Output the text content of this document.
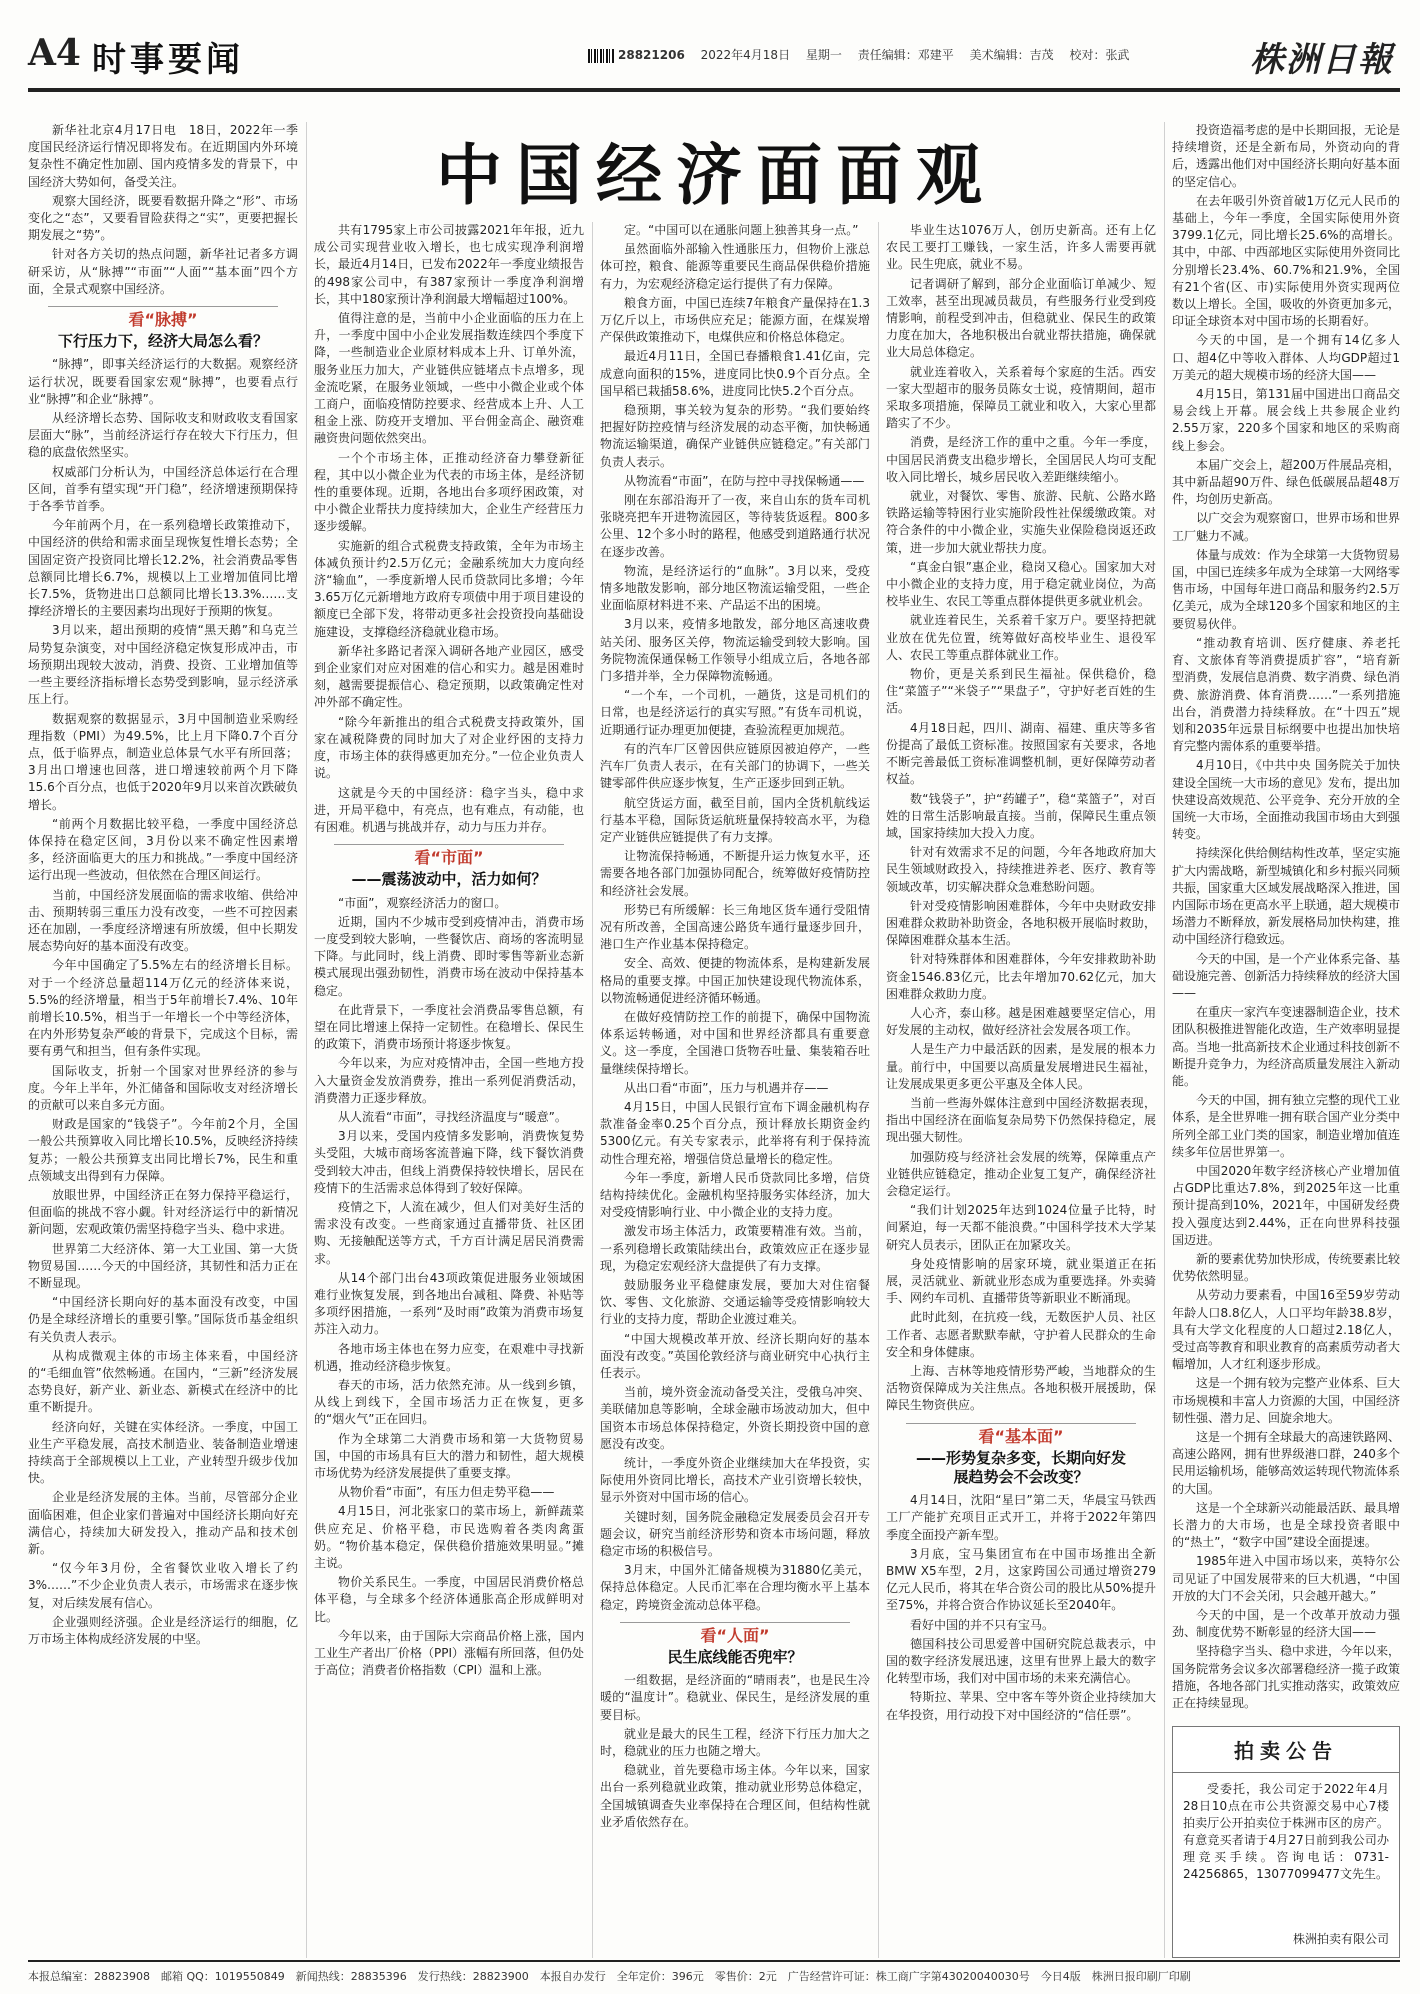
A4 时事要闻	28821206 2022年4月18日 星期一 责任编辑：邓建平 美术编辑：吉茂 校对：张武	株洲日報
中国经济面面观

新华社北京4月17日电　18日，2022年一季度国民经济运行情况即将发布。在近期国内外环境复杂性不确定性加剧、国内疫情多发的背景下，中国经济大势如何，备受关注。

观察大国经济，既要看数据升降之“形”、市场变化之“态”，又要看冒险获得之“实”，更要把握长期发展之“势”。

针对各方关切的热点问题，新华社记者多方调研采访，从“脉搏”“市面”“人面”“基本面”四个方面，全景式观察中国经济。

看“脉搏”
下行压力下，经济大局怎么看？

“脉搏”，即事关经济运行的大数据。观察经济运行状况，既要看国家宏观“脉搏”，也要看点行业“脉搏”和企业“脉搏”。

从经济增长态势、国际收支和财政收支看国家层面大“脉”，当前经济运行存在较大下行压力，但稳的底盘依然坚实。

权威部门分析认为，中国经济总体运行在合理区间，首季有望实现“开门稳”，经济增速预期保持于各季节首季。

今年前两个月，在一系列稳增长政策推动下，中国经济的供给和需求面呈现恢复性增长态势；全国固定资产投资同比增长12.2%，社会消费品零售总额同比增长6.7%，规模以上工业增加值同比增长7.5%，货物进出口总额同比增长13.3%……支撑经济增长的主要因素均出现好于预期的恢复。

3月以来，超出预期的疫情“黑天鹅”和乌克兰局势复杂演变，对中国经济稳定恢复形成冲击，市场预期出现较大波动，消费、投资、工业增加值等一些主要经济指标增长态势受到影响，显示经济承压上行。

数据观察的数据显示，3月中国制造业采购经理指数（PMI）为49.5%，比上月下降0.7个百分点，低于临界点，制造业总体景气水平有所回落；3月出口增速也回落，进口增速较前两个月下降15.6个百分点，也低于2020年9月以来首次跌破负增长。

“前两个月数据比较平稳，一季度中国经济总体保持在稳定区间，3月份以来不确定性因素增多，经济面临更大的压力和挑战。”一季度中国经济运行出现一些波动，但依然在合理区间运行。

当前，中国经济发展面临的需求收缩、供给冲击、预期转弱三重压力没有改变，一些不可控因素还在加剧，一季度经济增速有所放缓，但中长期发展态势向好的基本面没有改变。

今年中国确定了5.5%左右的经济增长目标。对于一个经济总量超114万亿元的经济体来说，5.5%的经济增量，相当于5年前增长7.4%、10年前增长10.5%，相当于一年增长一个中等经济体，在内外形势复杂严峻的背景下，完成这个目标，需要有勇气和担当，但有条件实现。

国际收支，折射一个国家对世界经济的参与度。今年上半年，外汇储备和国际收支对经济增长的贡献可以来自多元方面。

财政是国家的“钱袋子”。今年前2个月，全国一般公共预算收入同比增长10.5%，反映经济持续复苏；一般公共预算支出同比增长7%，民生和重点领域支出得到有力保障。

放眼世界，中国经济正在努力保持平稳运行，但面临的挑战不容小觑。针对经济运行中的新情况新问题，宏观政策仍需坚持稳字当头、稳中求进。

世界第二大经济体、第一大工业国、第一大货物贸易国……今天的中国经济，其韧性和活力正在不断显现。

“中国经济长期向好的基本面没有改变，中国仍是全球经济增长的重要引擎。”国际货币基金组织有关负责人表示。

从构成微观主体的市场主体来看，中国经济的“毛细血管”依然畅通。在国内，“三新”经济发展态势良好，新产业、新业态、新模式在经济中的比重不断提升。

经济向好，关键在实体经济。一季度，中国工业生产平稳发展，高技术制造业、装备制造业增速持续高于全部规模以上工业，产业转型升级步伐加快。

企业是经济发展的主体。当前，尽管部分企业面临困难，但企业家们普遍对中国经济长期向好充满信心，持续加大研发投入，推动产品和技术创新。

“仅今年3月份，全省餐饮业收入增长了约3%……”不少企业负责人表示，市场需求在逐步恢复，对后续发展有信心。

企业强则经济强。企业是经济运行的细胞，亿万市场主体构成经济发展的中坚。

共有1795家上市公司披露2021年年报，近九成公司实现营业收入增长，也七成实现净利润增长，最近4月14日，已发布2022年一季度业绩报告的498家公司中，有387家预计一季度净利润增长，其中180家预计净利润最大增幅超过100%。

值得注意的是，当前中小企业面临的压力在上升，一季度中国中小企业发展指数连续四个季度下降，一些制造业企业原材料成本上升、订单外流，服务业压力加大，产业链供应链堵点卡点增多，现金流吃紧，在服务业领域，一些中小微企业或个体工商户，面临疫情防控要求、经营成本上升、人工租金上涨、防疫开支增加、平台佣金高企、融资难融资贵问题依然突出。

一个个市场主体，正推动经济奋力攀登新征程，其中以小微企业为代表的市场主体，是经济韧性的重要体现。近期，各地出台多项纾困政策，对中小微企业帮扶力度持续加大，企业生产经营压力逐步缓解。

实施新的组合式税费支持政策，全年为市场主体减负预计约2.5万亿元；金融系统加大力度向经济“输血”，一季度新增人民币贷款同比多增；今年3.65万亿元新增地方政府专项债中用于项目建设的额度已全部下发，将带动更多社会投资投向基础设施建设，支撑稳经济稳就业稳市场。

新华社多路记者深入调研各地产业园区，感受到企业家们对应对困难的信心和实力。越是困难时刻，越需要提振信心、稳定预期，以政策确定性对冲外部不确定性。

“除今年新推出的组合式税费支持政策外，国家在减税降费的同时加大了对企业纾困的支持力度，市场主体的获得感更加充分。”一位企业负责人说。

这就是今天的中国经济：稳字当头，稳中求进，开局平稳中，有亮点，也有难点，有动能，也有困难。机遇与挑战并存，动力与压力并存。

看“市面”
——震荡波动中，活力如何？

“市面”，观察经济活力的窗口。

近期，国内不少城市受到疫情冲击，消费市场一度受到较大影响，一些餐饮店、商场的客流明显下降。与此同时，线上消费、即时零售等新业态新模式展现出强劲韧性，消费市场在波动中保持基本稳定。

在此背景下，一季度社会消费品零售总额，有望在同比增速上保持一定韧性。在稳增长、保民生的政策下，消费市场预计将逐步恢复。

今年以来，为应对疫情冲击，全国一些地方投入大量资金发放消费券，推出一系列促消费活动，消费潜力正逐步释放。

从人流看“市面”，寻找经济温度与“暖意”。

3月以来，受国内疫情多发影响，消费恢复势头受阻，大城市商场客流普遍下降，线下餐饮消费受到较大冲击，但线上消费保持较快增长，居民在疫情下的生活需求总体得到了较好保障。

疫情之下，人流在减少，但人们对美好生活的需求没有改变。一些商家通过直播带货、社区团购、无接触配送等方式，千方百计满足居民消费需求。

从14个部门出台43项政策促进服务业领域困难行业恢复发展，到各地出台减租、降费、补贴等多项纾困措施，一系列“及时雨”政策为消费市场复苏注入动力。

各地市场主体也在努力应变，在艰难中寻找新机遇，推动经济稳步恢复。

春天的市场，活力依然充沛。从一线到乡镇，从线上到线下，全国市场活力正在恢复，更多的“烟火气”正在回归。

作为全球第二大消费市场和第一大货物贸易国，中国的市场具有巨大的潜力和韧性，超大规模市场优势为经济发展提供了重要支撑。

从物价看“市面”，有压力但走势平稳——

4月15日，河北张家口的菜市场上，新鲜蔬菜供应充足、价格平稳，市民选购着各类肉禽蛋奶。“物价基本稳定，保供稳价措施效果明显。”摊主说。

物价关系民生。一季度，中国居民消费价格总体平稳，与全球多个经济体通胀高企形成鲜明对比。

今年以来，由于国际大宗商品价格上涨，国内工业生产者出厂价格（PPI）涨幅有所回落，但仍处于高位；消费者价格指数（CPI）温和上涨。

定。“中国可以在通胀问题上独善其身一点。”

虽然面临外部输入性通胀压力，但物价上涨总体可控，粮食、能源等重要民生商品保供稳价措施有力，为宏观经济稳定运行提供了有力保障。

粮食方面，中国已连续7年粮食产量保持在1.3万亿斤以上，市场供应充足；能源方面，在煤炭增产保供政策推动下，电煤供应和价格总体稳定。

最近4月11日，全国已春播粮食1.41亿亩，完成意向面积的15%，进度同比快0.9个百分点。全国早稻已栽插58.6%，进度同比快5.2个百分点。

稳预期，事关较为复杂的形势。“我们要始终把握好防控疫情与经济发展的动态平衡，加快畅通物流运输渠道，确保产业链供应链稳定。”有关部门负责人表示。

从物流看“市面”，在防与控中寻找保畅通——

刚在东部沿海开了一夜，来自山东的货车司机张晓亮把车开进物流园区，等待装货返程。800多公里、12个多小时的路程，他感受到道路通行状况在逐步改善。

物流，是经济运行的“血脉”。3月以来，受疫情多地散发影响，部分地区物流运输受阻，一些企业面临原材料进不来、产品运不出的困境。

3月以来，疫情多地散发，部分地区高速收费站关闭、服务区关停，物流运输受到较大影响。国务院物流保通保畅工作领导小组成立后，各地各部门多措并举，全力保障物流畅通。

“一个车，一个司机，一趟货，这是司机们的日常，也是经济运行的真实写照。”有货车司机说，近期通行证办理更加便捷，查验流程更加规范。

有的汽车厂区曾因供应链原因被迫停产，一些汽车厂负责人表示，在有关部门的协调下，一些关键零部件供应逐步恢复，生产正逐步回到正轨。

航空货运方面，截至目前，国内全货机航线运行基本平稳，国际货运航班量保持较高水平，为稳定产业链供应链提供了有力支撑。

让物流保持畅通，不断提升运力恢复水平，还需要各地各部门加强协同配合，统筹做好疫情防控和经济社会发展。

形势已有所缓解：长三角地区货车通行受阻情况有所改善，全国高速公路货车通行量逐步回升，港口生产作业基本保持稳定。

安全、高效、便捷的物流体系，是构建新发展格局的重要支撑。中国正加快建设现代物流体系，以物流畅通促进经济循环畅通。

在做好疫情防控工作的前提下，确保中国物流体系运转畅通，对中国和世界经济都具有重要意义。这一季度，全国港口货物吞吐量、集装箱吞吐量继续保持增长。

从出口看“市面”，压力与机遇并存——

4月15日，中国人民银行宣布下调金融机构存款准备金率0.25个百分点，预计释放长期资金约5300亿元。有关专家表示，此举将有利于保持流动性合理充裕，增强信贷总量增长的稳定性。

今年一季度，新增人民币贷款同比多增，信贷结构持续优化。金融机构坚持服务实体经济，加大对受疫情影响行业、中小微企业的支持力度。

激发市场主体活力，政策要精准有效。当前，一系列稳增长政策陆续出台，政策效应正在逐步显现，为稳定宏观经济大盘提供了有力支撑。

鼓励服务业平稳健康发展，要加大对住宿餐饮、零售、文化旅游、交通运输等受疫情影响较大行业的支持力度，帮助企业渡过难关。

“中国大规模改革开放、经济长期向好的基本面没有改变。”英国伦敦经济与商业研究中心执行主任表示。

当前，境外资金流动备受关注，受俄乌冲突、美联储加息等影响，全球金融市场波动加大，但中国资本市场总体保持稳定，外资长期投资中国的意愿没有改变。

统计，一季度外资企业继续加大在华投资，实际使用外资同比增长，高技术产业引资增长较快，显示外资对中国市场的信心。

关键时刻，国务院金融稳定发展委员会召开专题会议，研究当前经济形势和资本市场问题，释放稳定市场的积极信号。

3月末，中国外汇储备规模为31880亿美元，保持总体稳定。人民币汇率在合理均衡水平上基本稳定，跨境资金流动总体平稳。

看“人面”
民生底线能否兜牢？

一组数据，是经济面的“晴雨表”，也是民生冷暖的“温度计”。稳就业、保民生，是经济发展的重要目标。

就业是最大的民生工程，经济下行压力加大之时，稳就业的压力也随之增大。

稳就业，首先要稳市场主体。今年以来，国家出台一系列稳就业政策，推动就业形势总体稳定，全国城镇调查失业率保持在合理区间，但结构性就业矛盾依然存在。

毕业生达1076万人，创历史新高。还有上亿农民工要打工赚钱，一家生活，许多人需要再就业。民生兜底，就业不易。

记者调研了解到，部分企业面临订单减少、短工效率，甚至出现减员裁员，有些服务行业受到疫情影响，前程受到冲击，但稳就业、保民生的政策力度在加大，各地积极出台就业帮扶措施，确保就业大局总体稳定。

就业连着收入，关系着每个家庭的生活。西安一家大型超市的服务员陈女士说，疫情期间，超市采取多项措施，保障员工就业和收入，大家心里都踏实了不少。

消费，是经济工作的重中之重。今年一季度，中国居民消费支出稳步增长，全国居民人均可支配收入同比增长，城乡居民收入差距继续缩小。

就业，对餐饮、零售、旅游、民航、公路水路铁路运输等特困行业实施阶段性社保缓缴政策。对符合条件的中小微企业，实施失业保险稳岗返还政策，进一步加大就业帮扶力度。

“真金白银”惠企业，稳岗又稳心。国家加大对中小微企业的支持力度，用于稳定就业岗位，为高校毕业生、农民工等重点群体提供更多就业机会。

就业连着民生，关系着千家万户。要坚持把就业放在优先位置，统筹做好高校毕业生、退役军人、农民工等重点群体就业工作。

物价，更是关系到民生福祉。保供稳价，稳住“菜篮子”“米袋子”“果盘子”，守护好老百姓的生活。

4月18日起，四川、湖南、福建、重庆等多省份提高了最低工资标准。按照国家有关要求，各地不断完善最低工资标准调整机制，更好保障劳动者权益。

数“钱袋子”，护“药罐子”，稳“菜篮子”，对百姓的日常生活影响最直接。当前，保障民生重点领域，国家持续加大投入力度。

针对有效需求不足的问题，今年各地政府加大民生领域财政投入，持续推进养老、医疗、教育等领域改革，切实解决群众急难愁盼问题。

针对受疫情影响困难群体，今年中央财政安排困难群众救助补助资金，各地积极开展临时救助，保障困难群众基本生活。

针对特殊群体和困难群体，今年安排救助补助资金1546.83亿元，比去年增加70.62亿元，加大困难群众救助力度。

人心齐，泰山移。越是困难越要坚定信心，用好发展的主动权，做好经济社会发展各项工作。

人是生产力中最活跃的因素，是发展的根本力量。前行中，中国要以高质量发展增进民生福祉，让发展成果更多更公平惠及全体人民。

当前一些海外媒体注意到中国经济数据表现，指出中国经济在面临复杂局势下仍然保持稳定，展现出强大韧性。

加强防疫与经济社会发展的统筹，保障重点产业链供应链稳定，推动企业复工复产，确保经济社会稳定运行。

“我们计划2025年达到1024位量子比特，时间紧迫，每一天都不能浪费。”中国科学技术大学某研究人员表示，团队正在加紧攻关。

身处疫情影响的居家环境，就业渠道正在拓展，灵活就业、新就业形态成为重要选择。外卖骑手、网约车司机、直播带货等新职业不断涌现。

此时此刻，在抗疫一线，无数医护人员、社区工作者、志愿者默默奉献，守护着人民群众的生命安全和身体健康。

上海、吉林等地疫情形势严峻，当地群众的生活物资保障成为关注焦点。各地积极开展援助，保障民生物资供应。

看“基本面”
——形势复杂多变，长期向好发
展趋势会不会改变？

4月14日，沈阳“星曰”第二天，华晨宝马铁西工厂产能扩充项目正式开工，并将于2022年第四季度全面投产新车型。

3月底，宝马集团宣布在中国市场推出全新BMW X5车型，2月，这家跨国公司通过增资279亿元人民币，将其在华合资公司的股比从50%提升至75%，并将合资合作协议延长至2040年。

看好中国的并不只有宝马。

德国科技公司思爱普中国研究院总裁表示，中国的数字经济发展迅速，这里有世界上最大的数字化转型市场，我们对中国市场的未来充满信心。

特斯拉、苹果、空中客车等外资企业持续加大在华投资，用行动投下对中国经济的“信任票”。

投资造福考虑的是中长期回报，无论是持续增资，还是全新布局，外资动向的背后，透露出他们对中国经济长期向好基本面的坚定信心。

在去年吸引外资首破1万亿元人民币的基础上，今年一季度，全国实际使用外资3799.1亿元，同比增长25.6%的高增长。其中，中部、中西部地区实际使用外资同比分别增长23.4%、60.7%和21.9%，全国有21个省(区、市)实际使用外资实现两位数以上增长。全国，吸收的外资更加多元，印证全球资本对中国市场的长期看好。

今天的中国，是一个拥有14亿多人口、超4亿中等收入群体、人均GDP超过1万美元的超大规模市场的经济大国——

4月15日，第131届中国进出口商品交易会线上开幕。展会线上共参展企业约2.55万家，220多个国家和地区的采购商线上参会。

本届广交会上，超200万件展品亮相，其中新品超90万件、绿色低碳展品超48万件，均创历史新高。

以广交会为观察窗口，世界市场和世界工厂魅力不减。

体量与成效：作为全球第一大货物贸易国，中国已连续多年成为全球第一大网络零售市场，中国每年进口商品和服务约2.5万亿美元，成为全球120多个国家和地区的主要贸易伙伴。

“推动教育培训、医疗健康、养老托育、文旅体育等消费提质扩容”，“培育新型消费，发展信息消费、数字消费、绿色消费、旅游消费、体育消费……”一系列措施出台，消费潜力持续释放。在“十四五”规划和2035年远景目标纲要中也提出加快培育完整内需体系的重要举措。

4月10日，《中共中央 国务院关于加快建设全国统一大市场的意见》发布，提出加快建设高效规范、公平竞争、充分开放的全国统一大市场，全面推动我国市场由大到强转变。

持续深化供给侧结构性改革，坚定实施扩大内需战略，新型城镇化和乡村振兴同频共振，国家重大区域发展战略深入推进，国内国际市场在更高水平上联通，超大规模市场潜力不断释放，新发展格局加快构建，推动中国经济行稳致远。

今天的中国，是一个产业体系完备、基础设施完善、创新活力持续释放的经济大国——

在重庆一家汽车变速器制造企业，技术团队积极推进智能化改造，生产效率明显提高。当地一批高新技术企业通过科技创新不断提升竞争力，为经济高质量发展注入新动能。

今天的中国，拥有独立完整的现代工业体系，是全世界唯一拥有联合国产业分类中所列全部工业门类的国家，制造业增加值连续多年位居世界第一。

中国2020年数字经济核心产业增加值占GDP比重达7.8%，到2025年这一比重预计提高到10%，2021年，中国研发经费投入强度达到2.44%，正在向世界科技强国迈进。

新的要素优势加快形成，传统要素比较优势依然明显。

从劳动力要素看，中国16至59岁劳动年龄人口8.8亿人，人口平均年龄38.8岁，具有大学文化程度的人口超过2.18亿人，受过高等教育和职业教育的高素质劳动者大幅增加，人才红利逐步形成。

这是一个拥有较为完整产业体系、巨大市场规模和丰富人力资源的大国，中国经济韧性强、潜力足、回旋余地大。

这是一个拥有全球最大的高速铁路网、高速公路网，拥有世界级港口群，240多个民用运输机场，能够高效运转现代物流体系的大国。

这是一个全球新兴动能最活跃、最具增长潜力的大市场，也是全球投资者眼中的“热土”，“数字中国”建设全面提速。

1985年进入中国市场以来，英特尔公司见证了中国发展带来的巨大机遇，“中国开放的大门不会关闭，只会越开越大。”

今天的中国，是一个改革开放动力强劲、制度优势不断彰显的经济大国——

坚持稳字当头、稳中求进，今年以来，国务院常务会议多次部署稳经济一揽子政策措施，各地各部门扎实推动落实，政策效应正在持续显现。

拍卖公告
受委托，我公司定于2022年4月28日10点在市公共资源交易中心7楼拍卖厅公开拍卖位于株洲市区的房产。有意竞买者请于4月27日前到我公司办理竞买手续。咨询电话：0731-24256865，13077099477文先生。
株洲拍卖有限公司
本报总编室：28823908　邮箱 QQ：1019550849　新闻热线：28835396　发行热线：28823900　本报自办发行　全年定价：396元　零售价：2元　广告经营许可证：株工商广字第43020040030号　今日4版　株洲日报印刷厂印刷
